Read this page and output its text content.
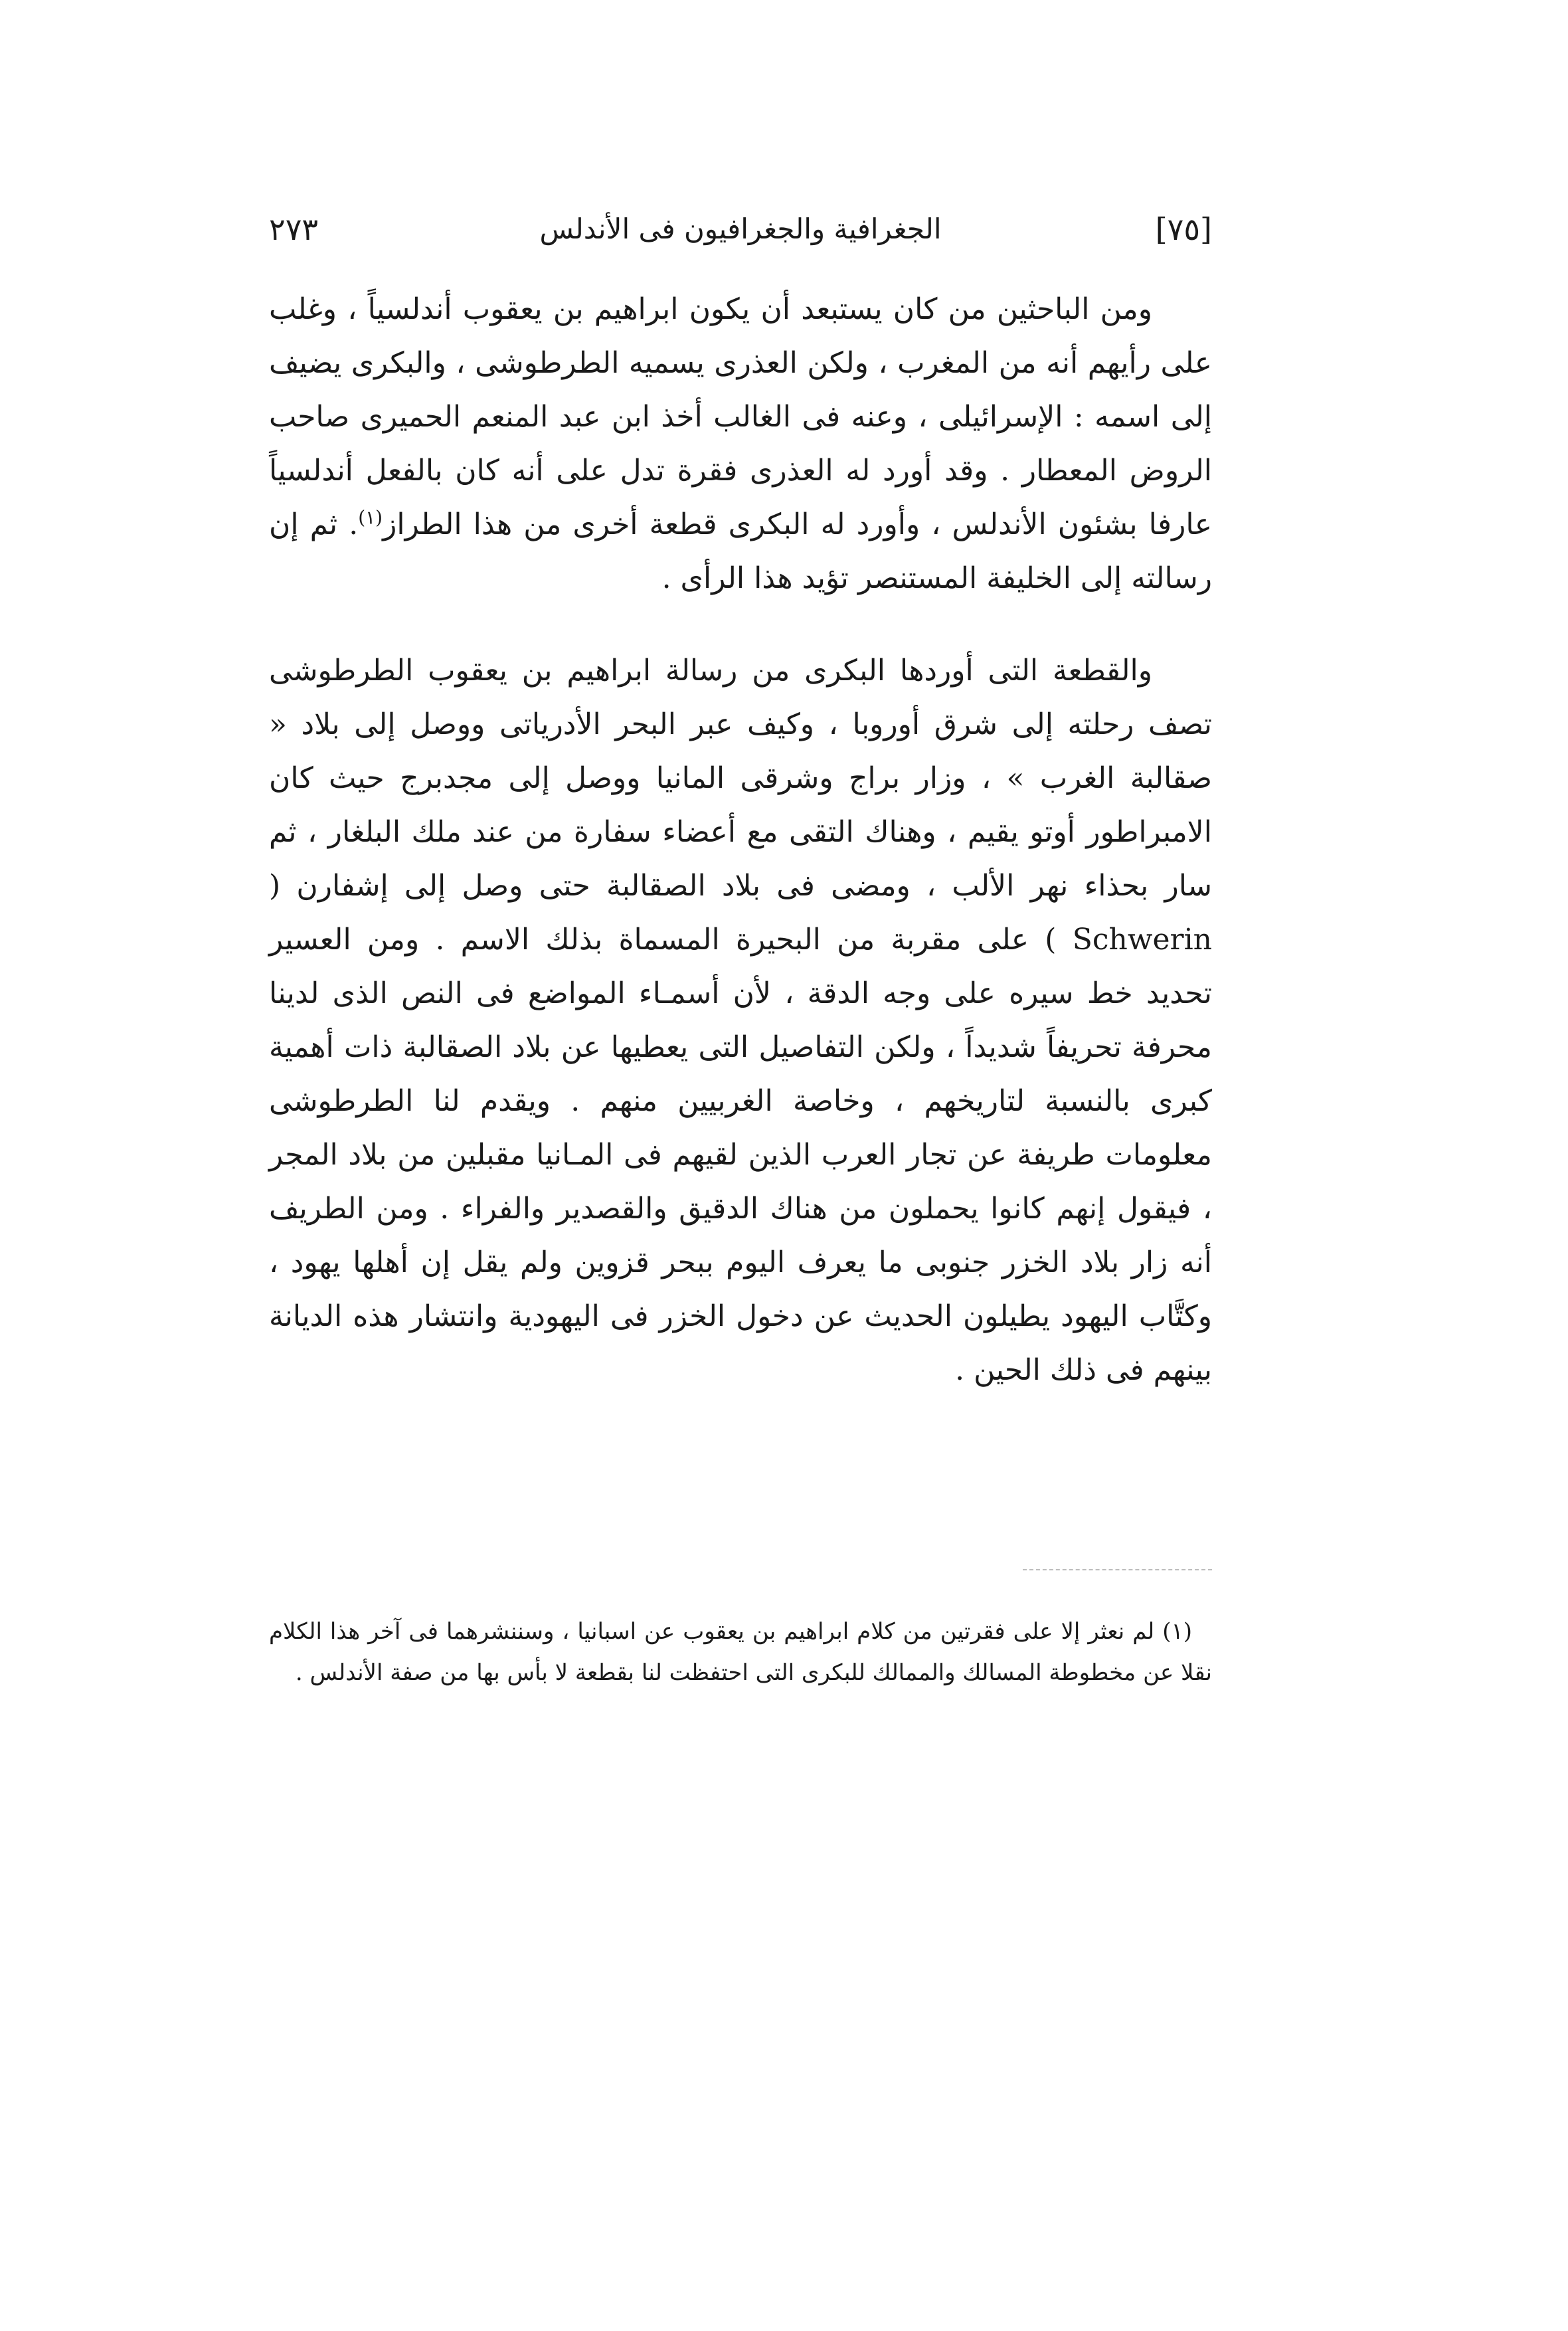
[٧٥]
الجغرافية والجغرافيون فى الأندلس
٢٧٣

ومن الباحثين من كان يستبعد أن يكون ابراهيم بن يعقوب أندلسياً ، وغلب على رأيهم أنه من المغرب ، ولكن العذرى يسميه الطرطوشى ، والبكرى يضيف إلى اسمه : الإسرائيلى ، وعنه فى الغالب أخذ ابن عبد المنعم الحميرى صاحب الروض المعطار . وقد أورد له العذرى فقرة تدل على أنه كان بالفعل أندلسياً عارفا بشئون الأندلس ، وأورد له البكرى قطعة أخرى من هذا الطراز$^{(١)}$. ثم إن رسالته إلى الخليفة المستنصر تؤيد هذا الرأى .

والقطعة التى أوردها البكرى من رسالة ابراهيم بن يعقوب الطرطوشى تصف رحلته إلى شرق أوروبا ، وكيف عبر البحر الأدرياتى ووصل إلى بلاد « صقالبة الغرب » ، وزار براج وشرقى المانيا ووصل إلى مجدبرج حيث كان الامبراطور أوتو يقيم ، وهناك التقى مع أعضاء سفارة من عند ملك البلغار ، ثم سار بحذاء نهر الألب ، ومضى فى بلاد الصقالبة حتى وصل إلى إشفارن ( Schwerin ) على مقربة من البحيرة المسماة بذلك الاسم . ومن العسير تحديد خط سيره على وجه الدقة ، لأن أسمـاء المواضع فى النص الذى لدينا محرفة تحريفاً شديداً ، ولكن التفاصيل التى يعطيها عن بلاد الصقالبة ذات أهمية كبرى بالنسبة لتاريخهم ، وخاصة الغربيين منهم . ويقدم لنا الطرطوشى معلومات طريفة عن تجار العرب الذين لقيهم فى المـانيا مقبلين من بلاد المجر ، فيقول إنهم كانوا يحملون من هناك الدقيق والقصدير والفراء . ومن الطريف أنه زار بلاد الخزر جنوبى ما يعرف اليوم ببحر قزوين ولم يقل إن أهلها يهود ، وكتَّاب اليهود يطيلون الحديث عن دخول الخزر فى اليهودية وانتشار هذه الديانة بينهم فى ذلك الحين .

(١) لم نعثر إلا على فقرتين من كلام ابراهيم بن يعقوب عن اسبانيا ، وسننشرهما فى آخر هذا الكلام نقلا عن مخطوطة المسالك والممالك للبكرى التى احتفظت لنا بقطعة لا بأس بها من صفة الأندلس .
